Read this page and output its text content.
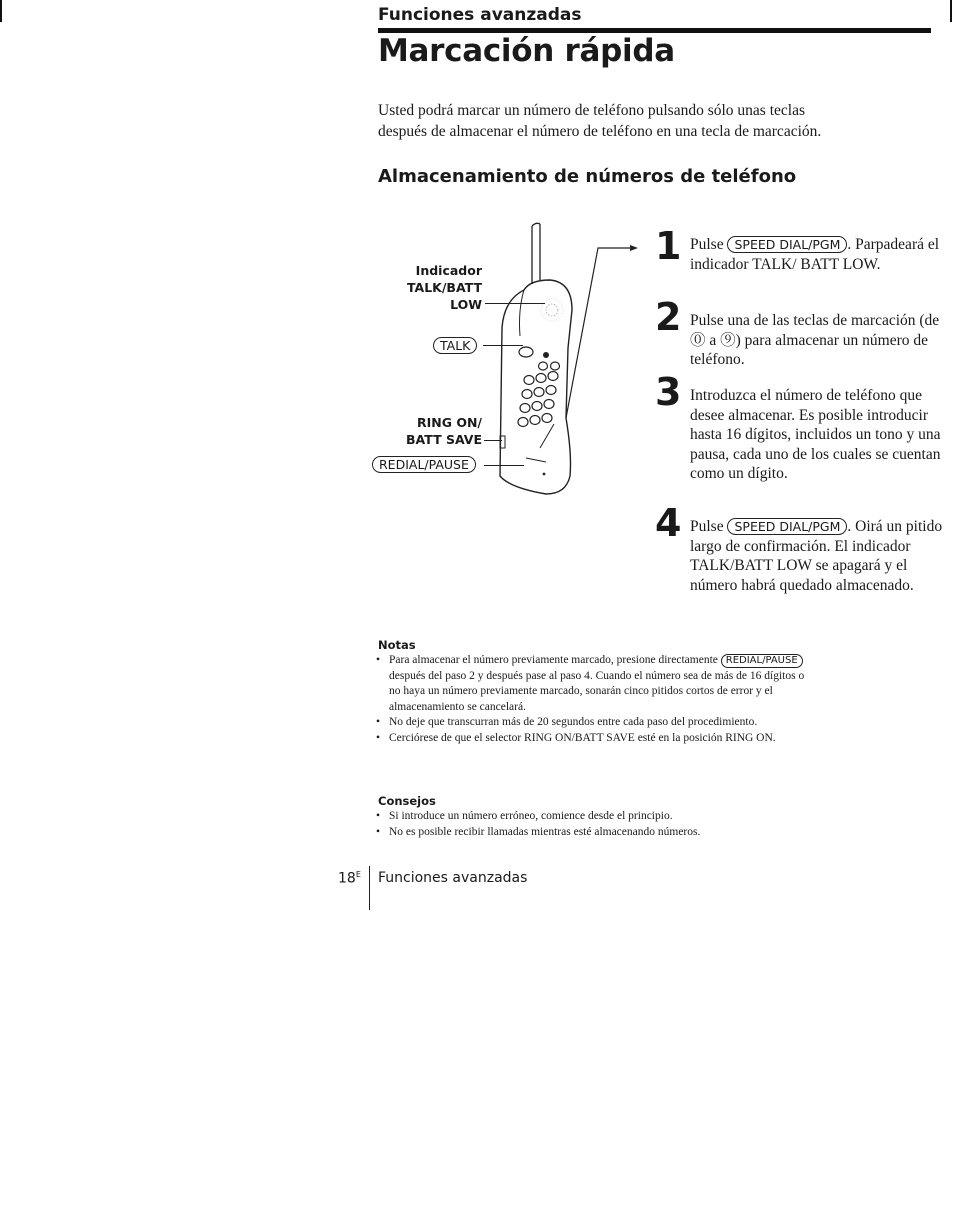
Funciones avanzadas
Marcación rápida
Usted podrá marcar un número de teléfono pulsando sólo unas teclas después de almacenar el número de teléfono en una tecla de marcación.
Almacenamiento de números de teléfono
Indicador
TALK/BATT
LOW
TALK
RING ON/
BATT SAVE
REDIAL/PAUSE
1 Pulse SPEED DIAL/PGM . Parpadeará el indicador TALK/ BATT LOW.
2 Pulse una de las teclas de marcación (de ⓪ a ⑨) para almacenar un número de teléfono.
3 Introduzca el número de teléfono que desee almacenar. Es posible introducir hasta 16 dígitos, incluidos un tono y una pausa, cada uno de los cuales se cuentan como un dígito.
4 Pulse SPEED DIAL/PGM . Oirá un pitido largo de confirmación. El indicador TALK/BATT LOW se apagará y el número habrá quedado almacenado.
Notas
• Para almacenar el número previamente marcado, presione directamente REDIAL/PAUSE después del paso 2 y después pase al paso 4. Cuando el número sea de más de 16 dígitos o no haya un número previamente marcado, sonarán cinco pitidos cortos de error y el almacenamiento se cancelará.
• No deje que transcurran más de 20 segundos entre cada paso del procedimiento.
• Cerciórese de que el selector RING ON/BATT SAVE esté en la posición RING ON.
Consejos
• Si introduce un número erróneo, comience desde el principio.
• No es posible recibir llamadas mientras esté almacenando números.
$18^E$ Funciones avanzadas
